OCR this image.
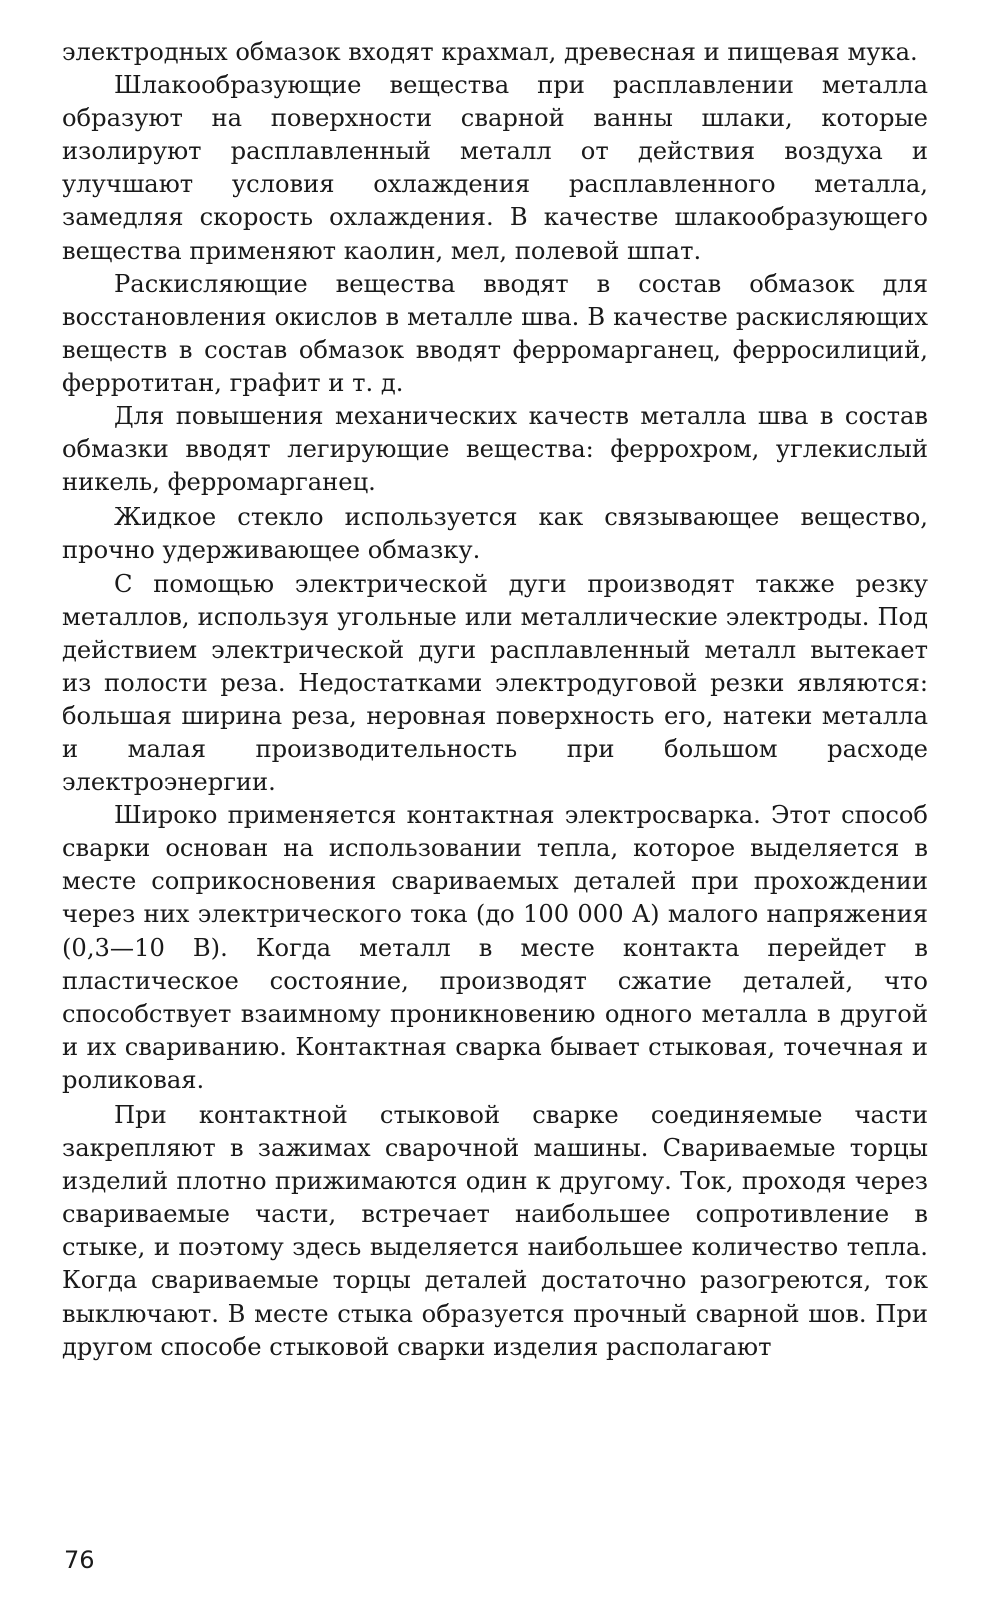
электродных обмазок входят крахмал, древесная и пищевая мука.

Шлакообразующие вещества при расплавлении металла образуют на поверхности сварной ванны шлаки, которые изолируют расплавленный металл от действия воздуха и улучшают условия охлаждения расплавленного металла, замедляя скорость охлаждения. В качестве шлакообразующего вещества применяют каолин, мел, полевой шпат.

Раскисляющие вещества вводят в состав обмазок для восстановления окислов в металле шва. В качестве раскисляющих веществ в состав обмазок вводят ферромарганец, ферросилиций, ферротитан, графит и т. д.

Для повышения механических качеств металла шва в состав обмазки вводят легирующие вещества: феррохром, углекислый никель, ферромарганец.

Жидкое стекло используется как связывающее вещество, прочно удерживающее обмазку.

С помощью электрической дуги производят также резку металлов, используя угольные или металлические электроды. Под действием электрической дуги расплавленный металл вытекает из полости реза. Недостатками электродуговой резки являются: большая ширина реза, неровная поверхность его, натеки металла и малая производительность при большом расходе электроэнергии.

Широко применяется контактная электросварка. Этот способ сварки основан на использовании тепла, которое выделяется в месте соприкосновения свариваемых деталей при прохождении через них электрического тока (до 100 000 А) малого напряжения (0,3—10 В). Когда металл в месте контакта перейдет в пластическое состояние, производят сжатие деталей, что способствует взаимному проникновению одного металла в другой и их свариванию. Контактная сварка бывает стыковая, точечная и роликовая.

При контактной стыковой сварке соединяемые части закрепляют в зажимах сварочной машины. Свариваемые торцы изделий плотно прижимаются один к другому. Ток, проходя через свариваемые части, встречает наибольшее сопротивление в стыке, и поэтому здесь выделяется наибольшее количество тепла. Когда свариваемые торцы деталей достаточно разогреются, ток выключают. В месте стыка образуется прочный сварной шов. При другом способе стыковой сварки изделия располагают

76
